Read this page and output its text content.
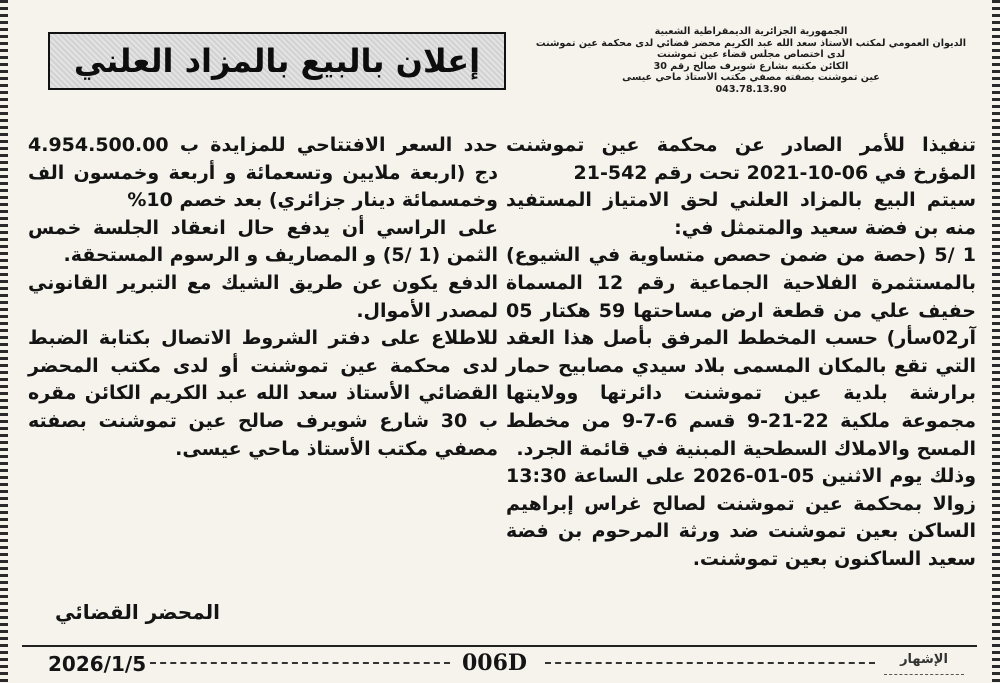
إعلان بالبيع بالمزاد العلني
الجمهورية الجزائرية الديمقراطية الشعبية
الديوان العمومي لمكتب الأستاذ سعد الله عبد الكريم محضر قضائي لدى محكمة عين تموشنت
لدى اختصاص مجلس قضاء عين تموشنت
الكائن مكتبه بشارع شويرف صالح رقم 30
عين تموشنت بصفته مصفي مكتب الأستاذ ماحي عيسى
043.78.13.90

تنفيذا للأمر الصادر عن محكمة عين تموشنت المؤرخ في 06-10-2021 تحت رقم 542-21

سيتم البيع بالمزاد العلني لحق الامتياز المستفيد منه بن فضة سعيد والمتمثل في:

1 /5 (حصة من ضمن حصص متساوية في الشيوع) بالمستثمرة الفلاحية الجماعية رقم 12 المسماة حفيف علي من قطعة ارض مساحتها 59 هكتار 05 آر02سأر) حسب المخطط المرفق بأصل هذا العقد التي تقع بالمكان المسمى بلاد سيدي مصابيح حمار برارشة بلدية عين تموشنت دائرتها وولايتها مجموعة ملكية 22-21-9 قسم 6-7-9 من مخطط المسح والاملاك السطحية المبنية في قائمة الجرد.

وذلك يوم الاثنين 05-01-2026 على الساعة 13:30 زوالا بمحكمة عين تموشنت لصالح غراس إبراهيم الساكن بعين تموشنت ضد ورثة المرحوم بن فضة سعيد الساكنون بعين تموشنت.

حدد السعر الافتتاحي للمزايدة ب 4.954.500.00 دج (اربعة ملايين وتسعمائة و أربعة وخمسون الف وخمسمائة دينار جزائري) بعد خصم 10%

على الراسي أن يدفع حال انعقاد الجلسة خمس الثمن (1 /5) و المصاريف و الرسوم المستحقة.

الدفع يكون عن طريق الشيك مع التبرير القانوني لمصدر الأموال.

للاطلاع على دفتر الشروط الاتصال بكتابة الضبط لدى محكمة عين تموشنت أو لدى مكتب المحضر القضائي الأستاذ سعد الله عبد الكريم الكائن مقره ب 30 شارع شويرف صالح عين تموشنت بصفته مصفي مكتب الأستاذ ماحي عيسى.

المحضر القضائي
2026/1/5	006D	الإشهار
